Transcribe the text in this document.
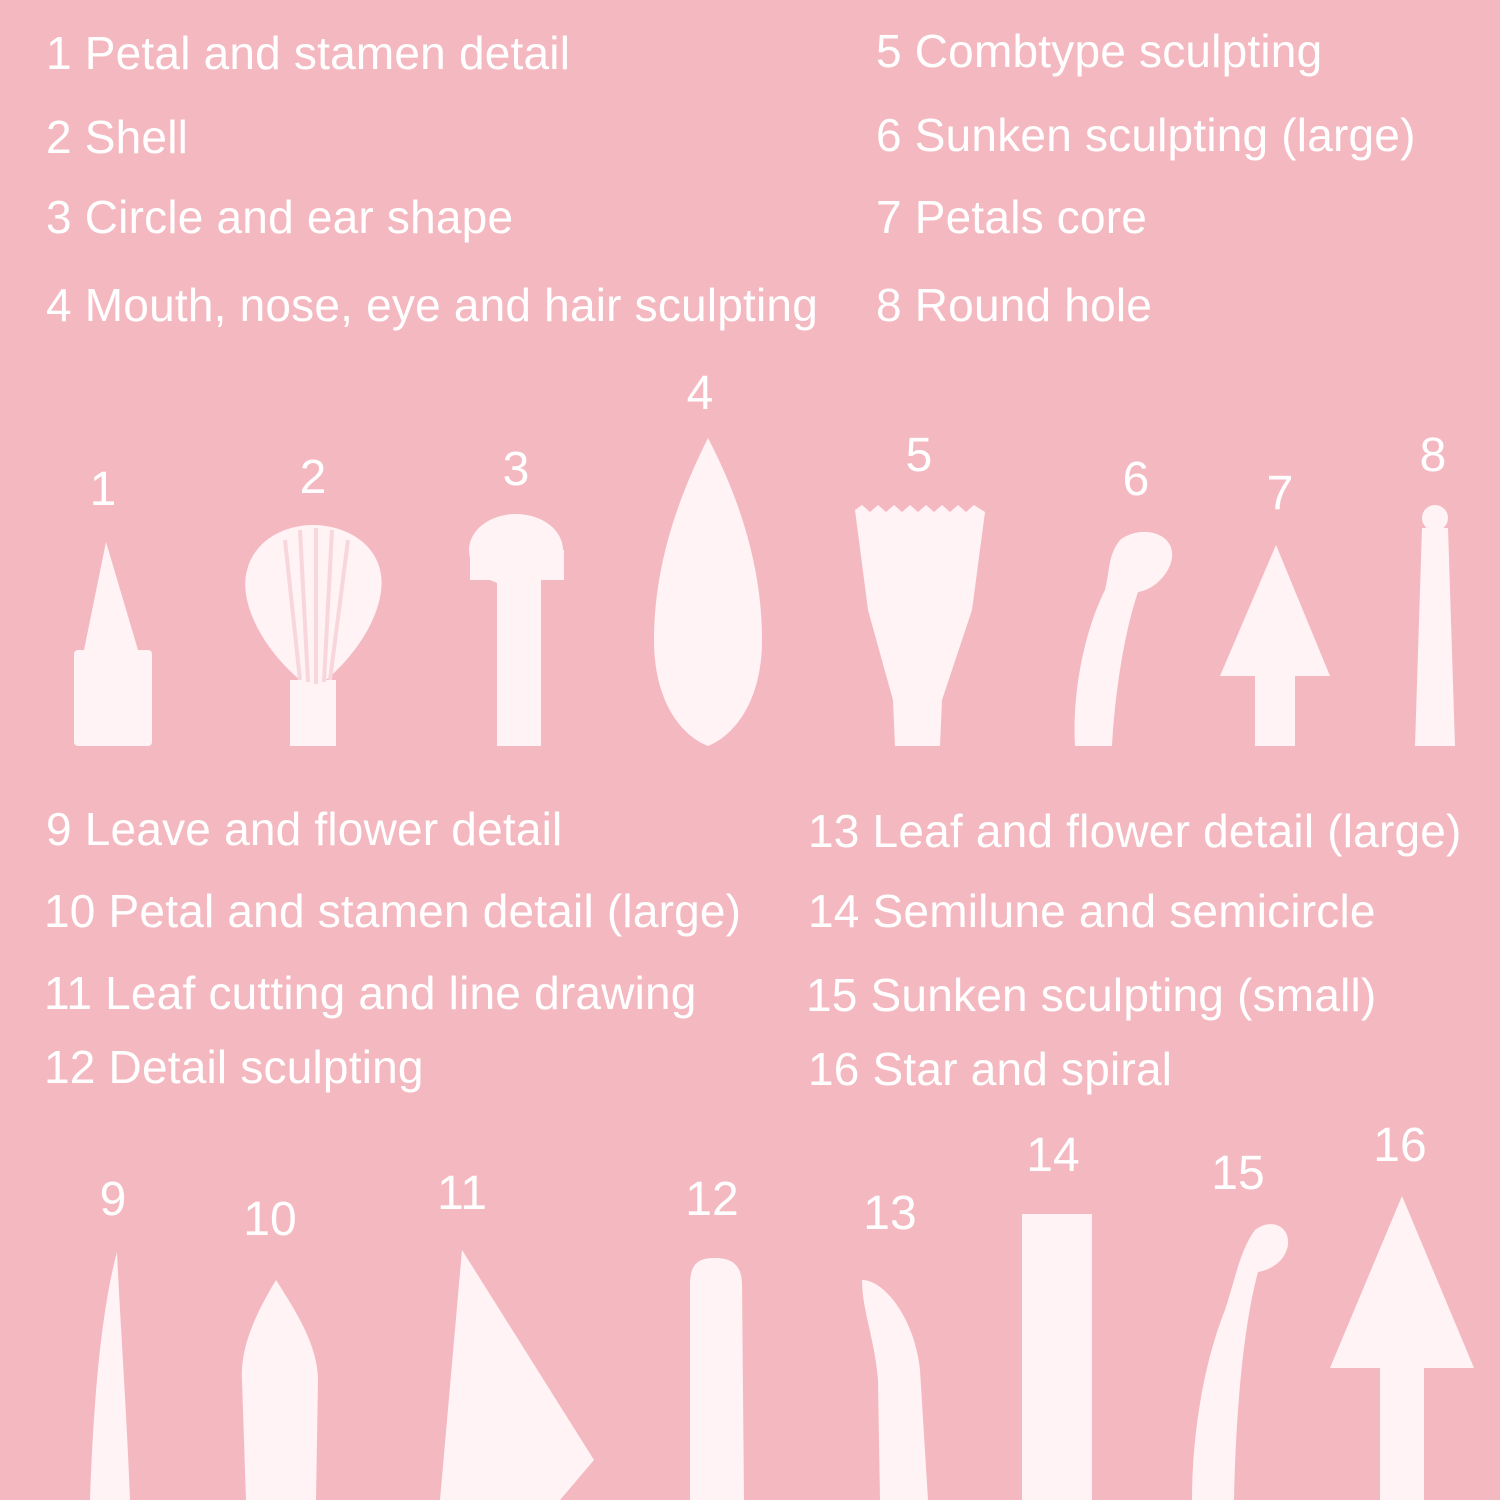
1 Petal and stamen detail
2 Shell
3 Circle and ear shape
4 Mouth, nose, eye and hair sculpting
5 Combtype sculpting
6 Sunken sculpting (large)
7 Petals core
8 Round hole
1	2	3
4
5	6 7
8
9 Leave and flower detail
10 Petal and stamen detail (large)
11 Leaf cutting and line drawing
12 Detail sculpting
13 Leaf and flower detail (large)
14 Semilune and semicircle
15 Sunken sculpting (small)
16 Star and spiral
9 10	11	12	13
14	15
16
